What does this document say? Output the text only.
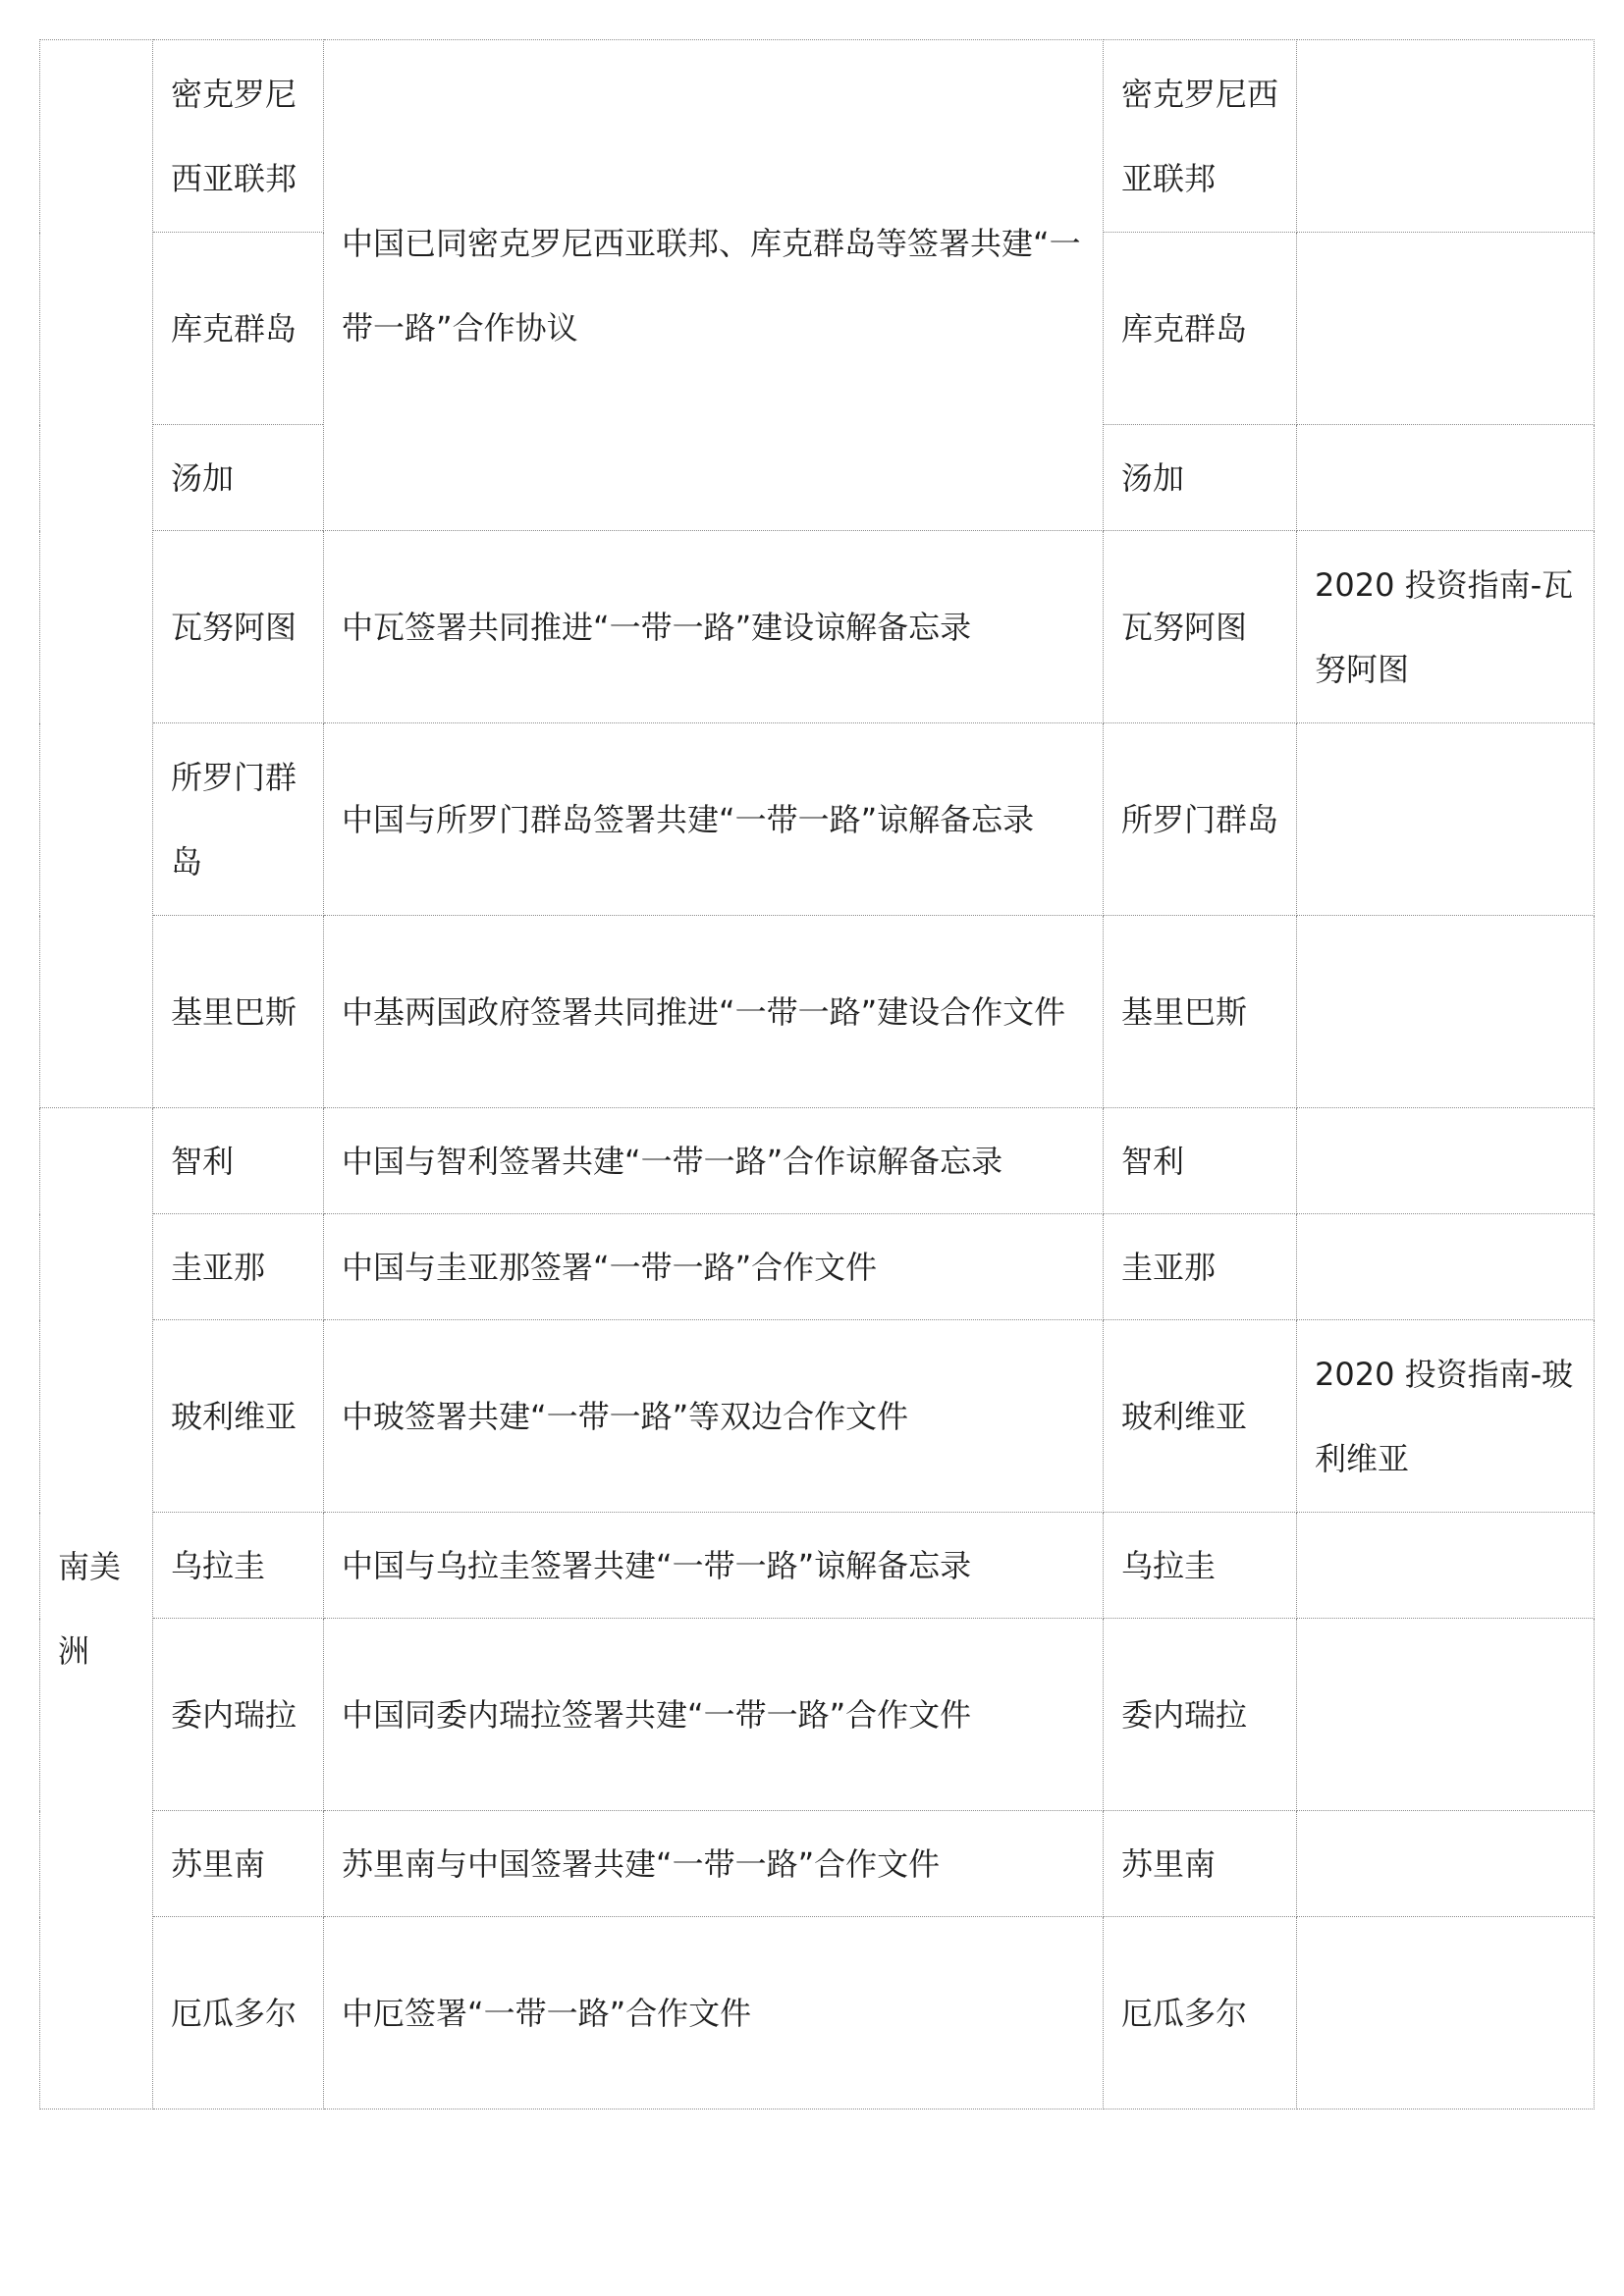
	密克罗尼西亚联邦	中国已同密克罗尼西亚联邦、库克群岛等签署共建“一带一路”合作协议	密克罗尼西亚联邦	
	库克群岛		库克群岛	
	汤加		汤加	
	瓦努阿图	中瓦签署共同推进“一带一路”建设谅解备忘录	瓦努阿图	2020 投资指南-瓦努阿图
	所罗门群岛	中国与所罗门群岛签署共建“一带一路”谅解备忘录	所罗门群岛	
	基里巴斯	中基两国政府签署共同推进“一带一路”建设合作文件	基里巴斯	
南美洲	智利	中国与智利签署共建“一带一路”合作谅解备忘录	智利	
	圭亚那	中国与圭亚那签署“一带一路”合作文件	圭亚那	
	玻利维亚	中玻签署共建“一带一路”等双边合作文件	玻利维亚	2020 投资指南-玻利维亚
	乌拉圭	中国与乌拉圭签署共建“一带一路”谅解备忘录	乌拉圭	
	委内瑞拉	中国同委内瑞拉签署共建“一带一路”合作文件	委内瑞拉	
	苏里南	苏里南与中国签署共建“一带一路”合作文件	苏里南	
	厄瓜多尔	中厄签署“一带一路”合作文件	厄瓜多尔	
